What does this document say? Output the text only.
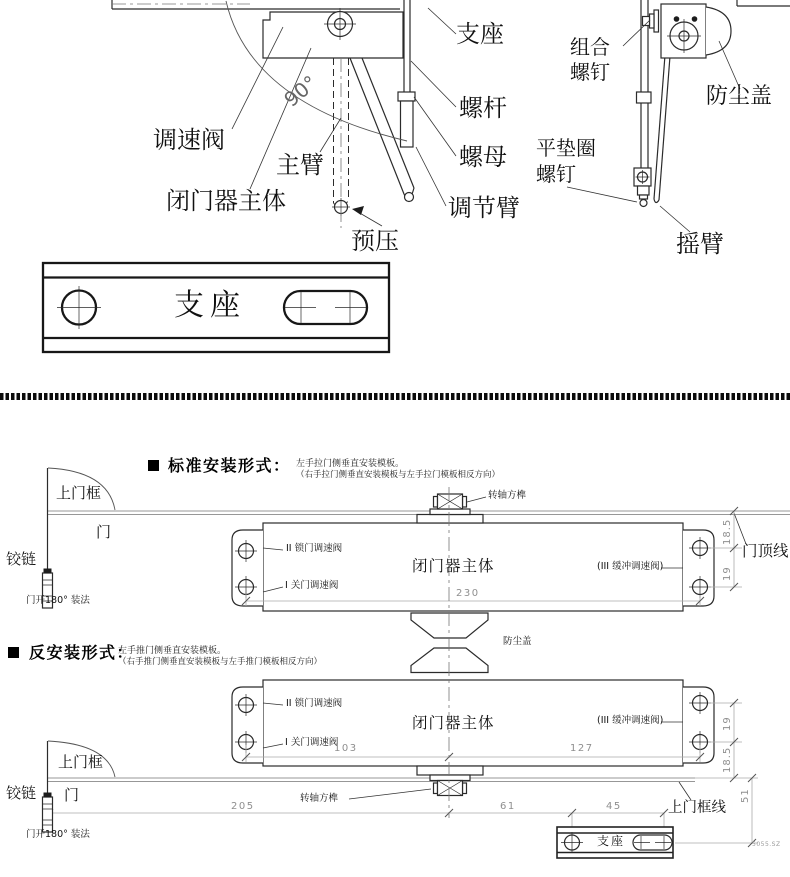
支座	组合
螺钉
防尘盖
调速阀
螺杆
螺母 平垫圈
螺钉
主臂
闭门器主体	调节臂
预压	摇臂
90°
支座
标准安装形式： 左手拉门侧垂直安装模板。
（右手拉门侧垂直安装模板与左手拉门模板相反方向）
上门框
门
铰链
门开180° 装法
转轴方榫
II 锁门调速阀
I 关门调速阀
闭门器主体	(III 缓冲调速阀)
门顶线
230
18.5
19
防尘盖
反安装形式：
左手推门侧垂直安装模板。
（右手推门侧垂直安装模板与左手推门模板相反方向）
上门框
门
铰链
门开180° 装法
转轴方榫
II 锁门调速阀
I 关门调速阀
闭门器主体	(III 缓冲调速阀)
上门框线
103	127
19
18.5
51
205	61	45
支座	5055.SZ
